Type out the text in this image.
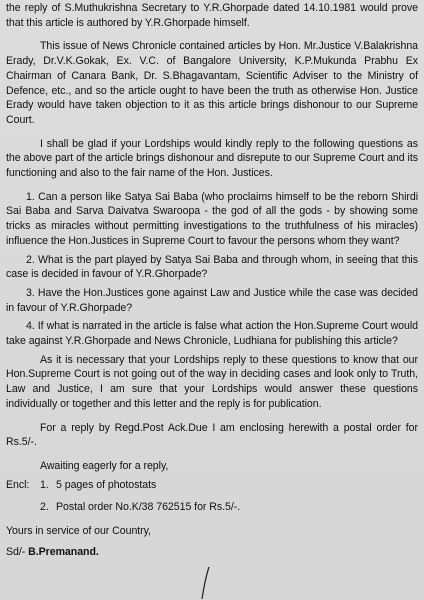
the reply of S.Muthukrishna Secretary to Y.R.Ghorpade dated 14.10.1981 would prove that this article is authored by Y.R.Ghorpade himself.

This issue of News Chronicle contained articles by Hon. Mr.Justice V.Balakrishna Erady, Dr.V.K.Gokak, Ex. V.C. of Bangalore University, K.P.Mukunda Prabhu Ex Chairman of Canara Bank, Dr. S.Bhagavantam, Scientific Adviser to the Ministry of Defence, etc., and so the article ought to have been the truth as otherwise Hon. Justice Erady would have taken objection to it as this article brings dishonour to our Supreme Court.

I shall be glad if your Lordships would kindly reply to the following questions as the above part of the article brings dishonour and disrepute to our Supreme Court and its functioning and also to the fair name of the Hon. Justices.

1. Can a person like Satya Sai Baba (who proclaims himself to be the reborn Shirdi Sai Baba and Sarva Daivatva Swaroopa - the god of all the gods - by showing some tricks as miracles without permitting investigations to the truthfulness of his miracles) influence the Hon.Justices in Supreme Court to favour the persons whom they want?

2. What is the part played by Satya Sai Baba and through whom, in seeing that this case is decided in favour of Y.R.Ghorpade?

3. Have the Hon.Justices gone against Law and Justice while the case was decided in favour of Y.R.Ghorpade?

4. If what is narrated in the article is false what action the Hon.Supreme Court would take against Y.R.Ghorpade and News Chronicle, Ludhiana for publishing this article?

As it is necessary that your Lordships reply to these questions to know that our Hon.Supreme Court is not going out of the way in deciding cases and look only to Truth, Law and Justice, I am sure that your Lordships would answer these questions individually or together and this letter and the reply is for publication.

For a reply by Regd.Post Ack.Due I am enclosing herewith a postal order for Rs.5/-.

Awaiting eagerly for a reply,

Encl:	1. 5 pages of photostats
2. Postal order No.K/38 762515 for Rs.5/-.

Yours in service of our Country,

Sd/- B.Premanand.
